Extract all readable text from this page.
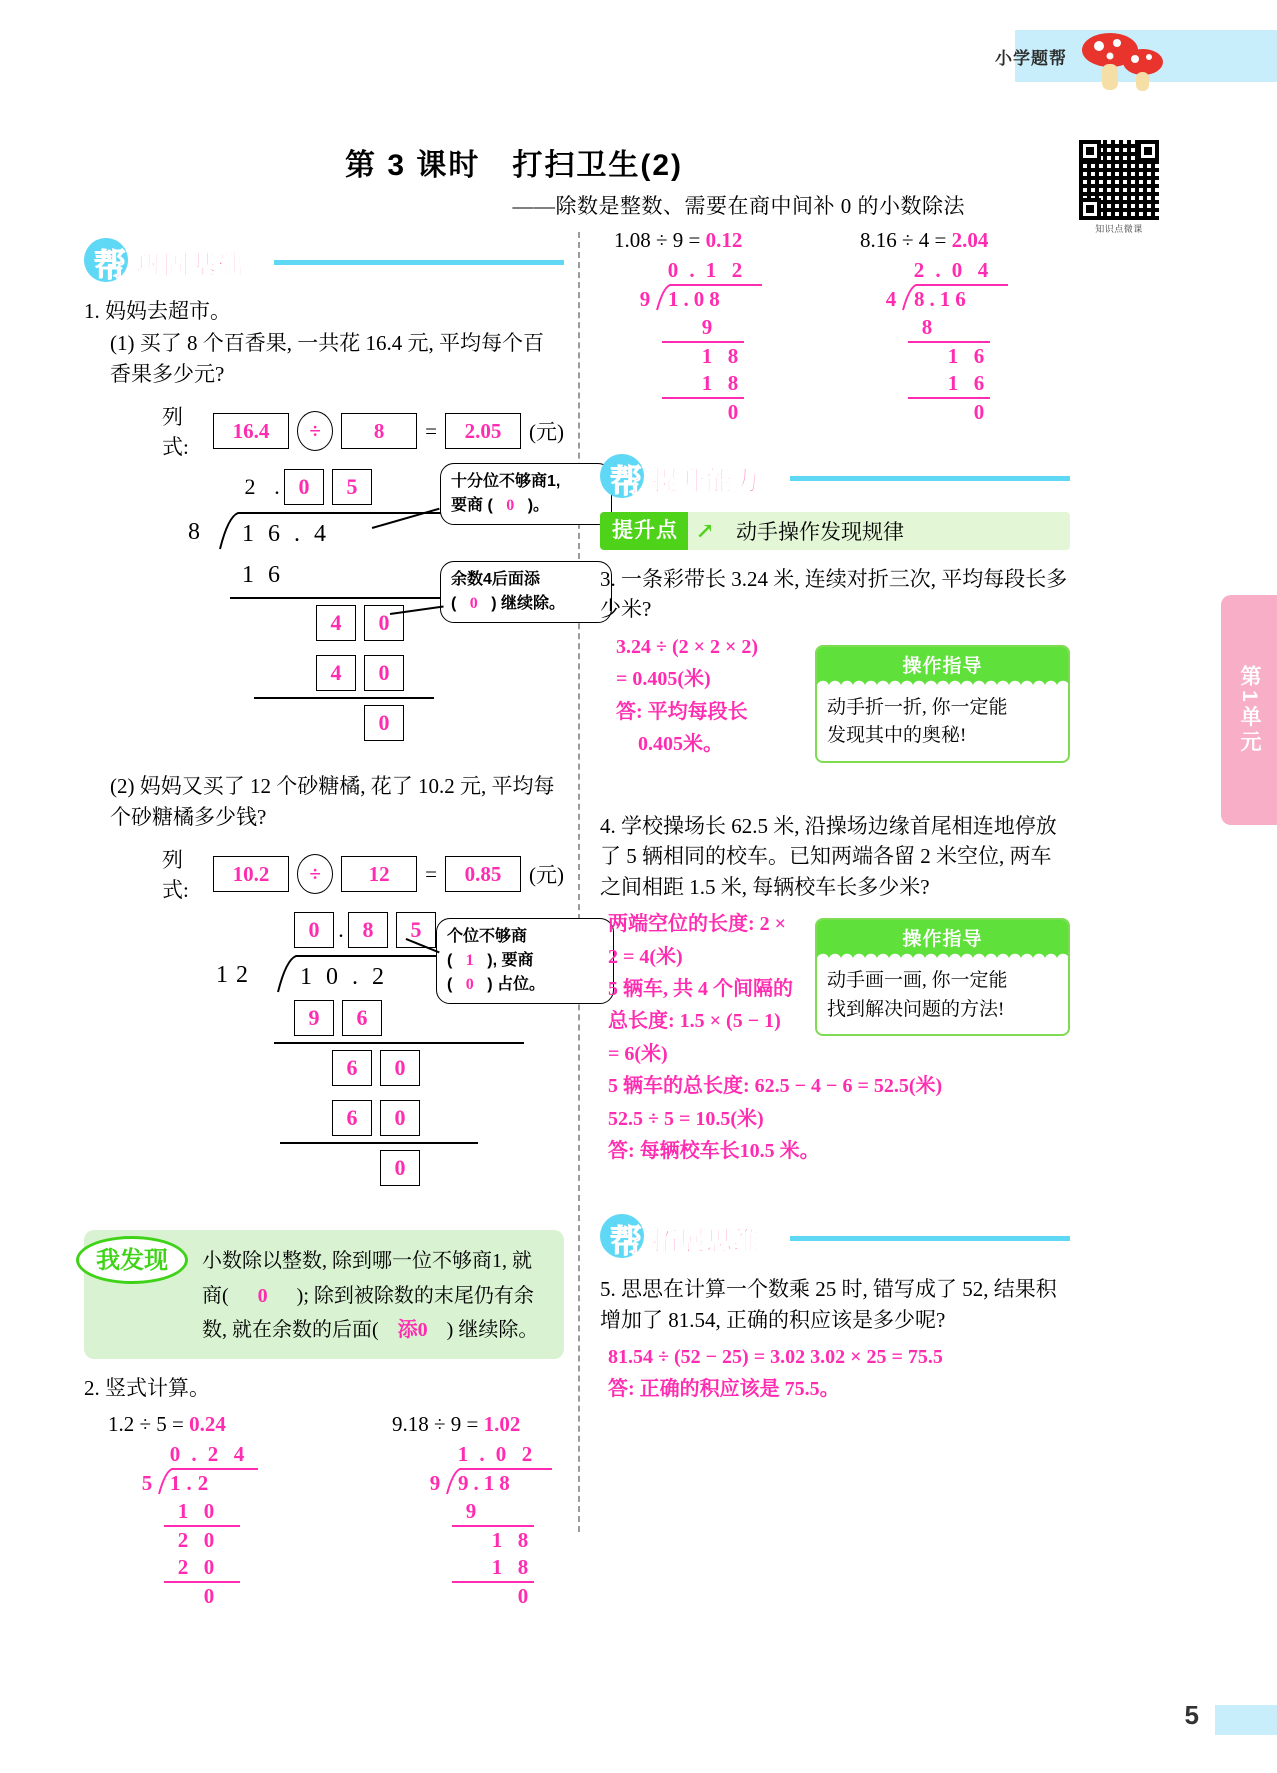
小学题帮
第 3 课时　打扫卫生(2)
——除数是整数、需要在商中间补 0 的小数除法
知识点微课
帮 巩固基础
1. 妈妈去超市。
(1) 买了 8 个百香果, 一共花 16.4 元, 平均每个百香果多少元?
列式:
16.4	÷	8	=	2.05	(元)
2 . 0	5
8 16.4
16
4	0
4	0
0
十分位不够商1,
要商 ( 0 )。
余数4后面添
( 0 ) 继续除。
(2) 妈妈又买了 12 个砂糖橘, 花了 10.2 元, 平均每个砂糖橘多少钱?
列式:
10.2	÷	12	=	0.85	(元)
0 . 8	5
12 10.2
9	6
6	0
6	0
0
个位不够商
( 1 ), 要商
( 0 ) 占位。
我发现	小数除以整数, 除到哪一位不够商1, 就商( 0 ); 除到被除数的末尾仍有余数, 就在余数的后面( 添0 ) 继续除。
2. 竖式计算。
1.2 ÷ 5 = 0.24
0 . 2 4
5 1.2
1 0
2 0
2 0
0
9.18 ÷ 9 = 1.02
1 . 0 2
9 9.18
9
1 8
1 8
0
1.08 ÷ 9 = 0.12
0 . 1 2
9 1.08
9
1 8
1 8
0
8.16 ÷ 4 = 2.04
2 . 0 4
4 8.16
8
1 6
1 6
0
帮 提升能力
提升点 ↗	动手操作发现规律
3. 一条彩带长 3.24 米, 连续对折三次, 平均每段长多少米?
3.24 ÷ (2 × 2 × 2)
= 0.405(米)
答: 平均每段长
0.405米。
操作指导
动手折一折, 你一定能
发现其中的奥秘!
4. 学校操场长 62.5 米, 沿操场边缘首尾相连地停放了 5 辆相同的校车。已知两端各留 2 米空位, 两车之间相距 1.5 米, 每辆校车长多少米?
两端空位的长度: 2 ×
2 = 4(米)
5 辆车, 共 4 个间隔的
总长度: 1.5 × (5 − 1)
= 6(米)
5 辆车的总长度: 62.5 − 4 − 6 = 52.5(米)
52.5 ÷ 5 = 10.5(米)
答: 每辆校车长10.5 米。
操作指导
动手画一画, 你一定能
找到解决问题的方法!
帮 拓展思维
5. 思思在计算一个数乘 25 时, 错写成了 52, 结果积增加了 81.54, 正确的积应该是多少呢?
81.54 ÷ (52 − 25) = 3.02 3.02 × 25 = 75.5
答: 正确的积应该是 75.5。
第1单元
5
